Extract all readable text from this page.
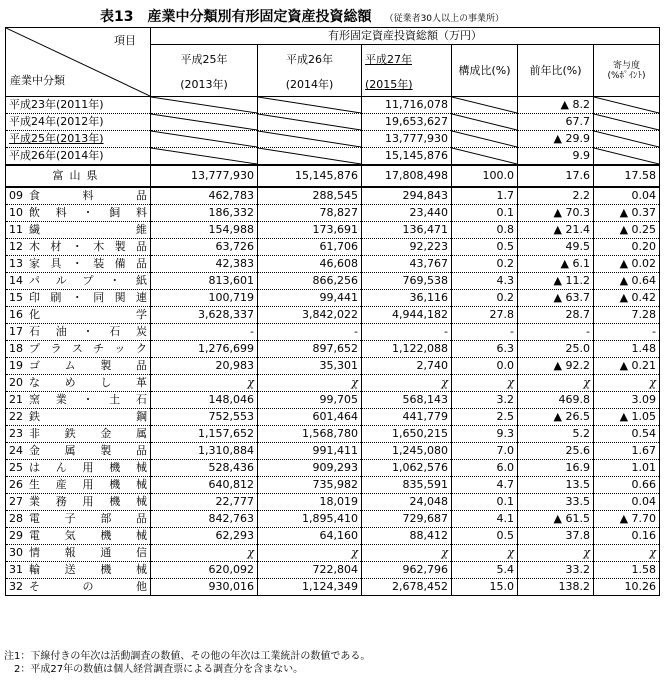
表13　産業中分類別有形固定資産投資総額 （従業者30人以上の事業所）
項目
産業中分類	有形固定資産投資総額（万円）					
	平成25年	平成26年	平成27年	構成比(%)	前年比(%)	寄与度
(%ﾎﾟｲﾝﾄ)

	(2013年)	(2014年)	(2015年)			
平成23年(2011年)			11,716,078		▲ 8.2	

平成24年(2012年)			19,653,627		67.7	

平成25年(2013年)			13,777,930		▲ 29.9	

平成26年(2014年)			15,145,876		9.9	

富山県	13,777,930	15,145,876	17,808,498	100.0	17.6	17.58
09 食料品	462,783	288,545	294,843	1.7	2.2	0.04
10 飲料・飼料	186,332	78,827	23,440	0.1	▲ 70.3	▲ 0.37
11 繊維	154,988	173,691	136,471	0.8	▲ 21.4	▲ 0.25
12 木材・木製品	63,726	61,706	92,223	0.5	49.5	0.20
13 家具・装備品	42,383	46,608	43,767	0.2	▲ 6.1	▲ 0.02
14 パルプ・紙	813,601	866,256	769,538	4.3	▲ 11.2	▲ 0.64
15 印刷・同関連	100,719	99,441	36,116	0.2	▲ 63.7	▲ 0.42
16 化学	3,628,337	3,842,022	4,944,182	27.8	28.7	7.28
17 石油・石炭	-	-	-	-	-	-
18 プラスチック	1,276,699	897,652	1,122,088	6.3	25.0	1.48
19 ゴム製品	20,983	35,301	2,740	0.0	▲ 92.2	▲ 0.21
20 なめし革	χ	χ	χ	χ	χ	χ
21 窯業・土石	148,046	99,705	568,143	3.2	469.8	3.09
22 鉄鋼	752,553	601,464	441,779	2.5	▲ 26.5	▲ 1.05
23 非鉄金属	1,157,652	1,568,780	1,650,215	9.3	5.2	0.54
24 金属製品	1,310,884	991,411	1,245,080	7.0	25.6	1.67
25 はん用機械	528,436	909,293	1,062,576	6.0	16.9	1.01
26 生産用機械	640,812	735,982	835,591	4.7	13.5	0.66
27 業務用機械	22,777	18,019	24,048	0.1	33.5	0.04
28 電子部品	842,763	1,895,410	729,687	4.1	▲ 61.5	▲ 7.70
29 電気機械	62,293	64,160	88,412	0.5	37.8	0.16
30 情報通信	χ	χ	χ	χ	χ	χ
31 輸送機械	620,092	722,804	962,796	5.4	33.2	1.58
32 その他	930,016	1,124,349	2,678,452	15.0	138.2	10.26
注1：下線付きの年次は活動調査の数値、その他の年次は工業統計の数値である。
　2：平成27年の数値は個人経営調査票による調査分を含まない。
